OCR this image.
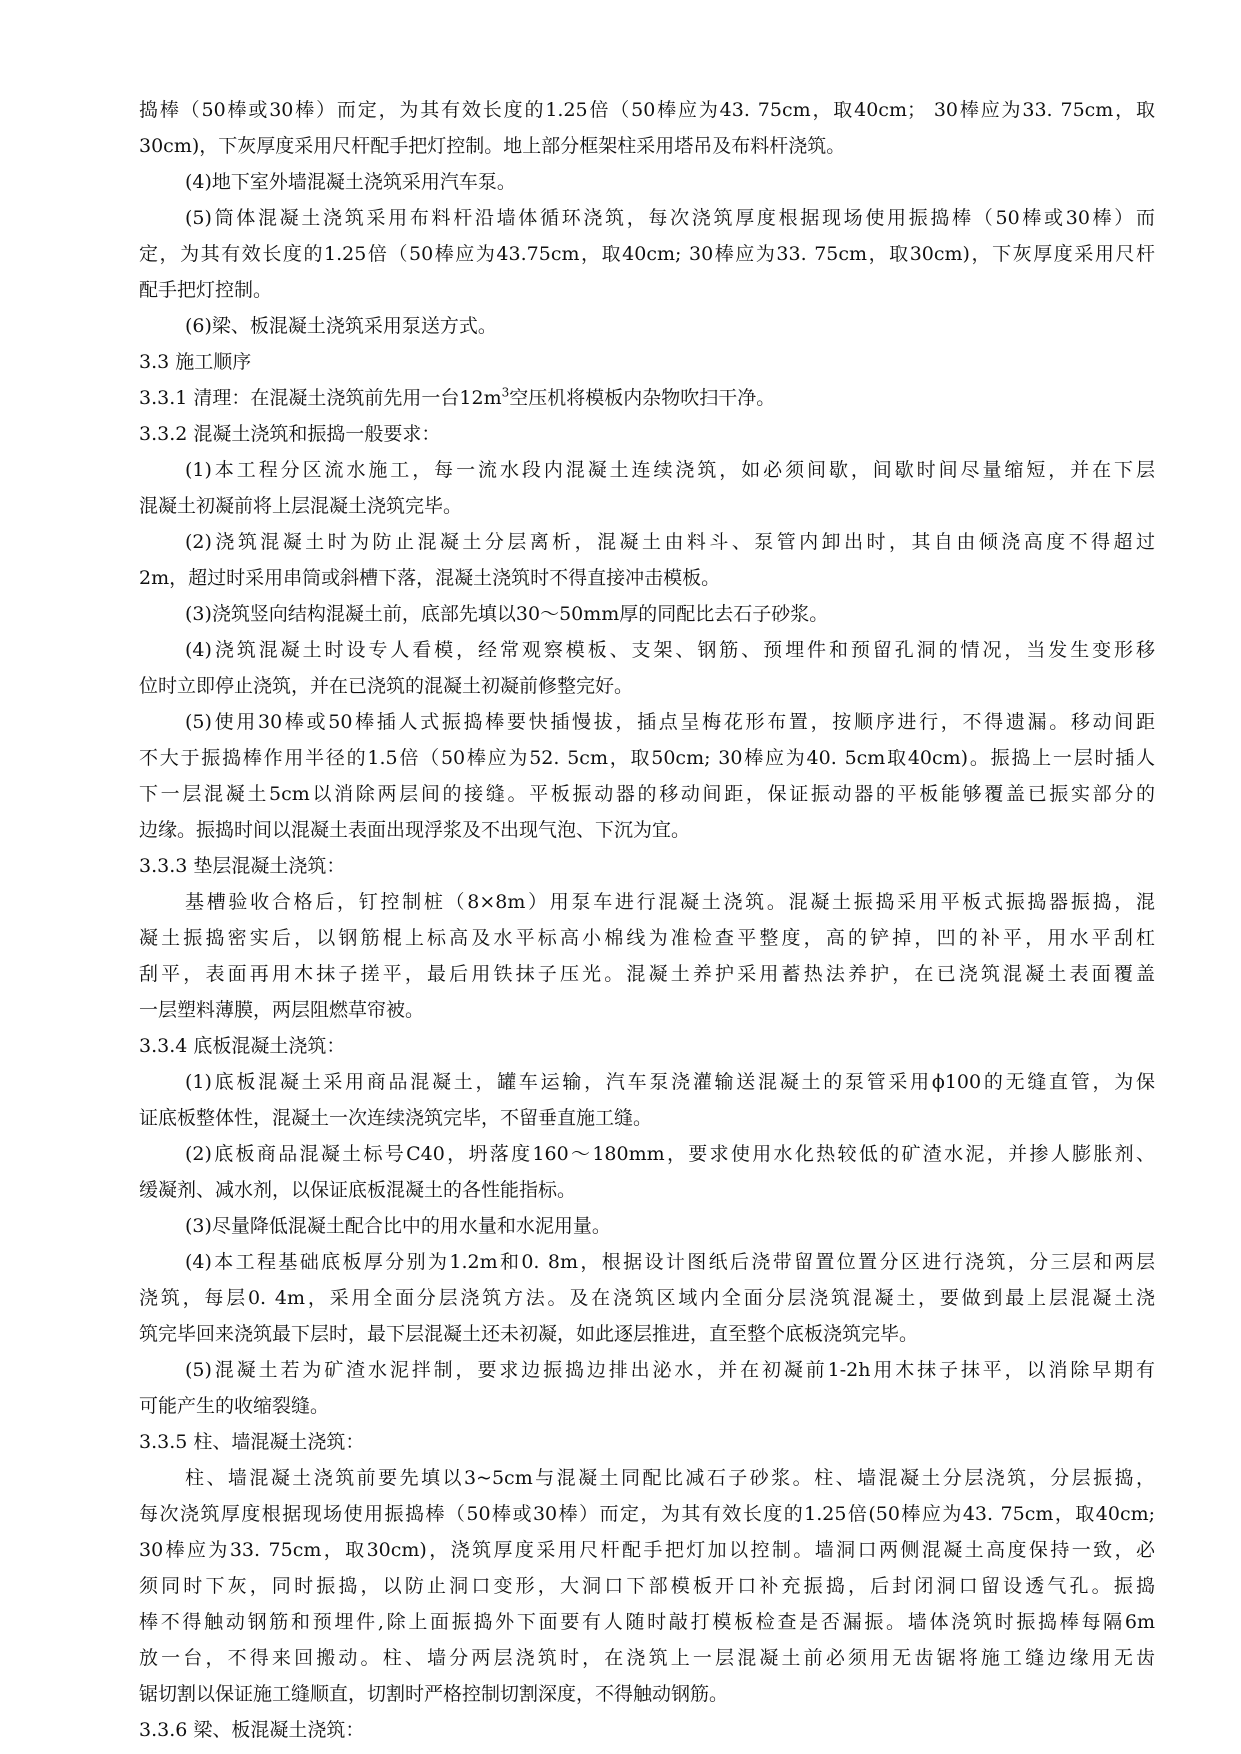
捣棒（50棒或30棒）而定，为其有效长度的1.25倍（50棒应为43. 75cm，取40cm； 30棒应为33. 75cm，取
30cm)，下灰厚度采用尺杆配手把灯控制。地上部分框架柱采用塔吊及布料杆浇筑。
(4)地下室外墙混凝土浇筑采用汽车泵。
(5)筒体混凝土浇筑采用布料杆沿墙体循环浇筑，每次浇筑厚度根据现场使用振捣棒（50棒或30棒）而
定，为其有效长度的1.25倍（50棒应为43.75cm，取40cm; 30棒应为33. 75cm，取30cm)，下灰厚度采用尺杆
配手把灯控制。
(6)梁、板混凝土浇筑采用泵送方式。
3.3 施工顺序
3.3.1 清理：在混凝土浇筑前先用一台$12m^3$空压机将模板内杂物吹扫干净。
3.3.2 混凝土浇筑和振捣一般要求：
(1)本工程分区流水施工，每一流水段内混凝土连续浇筑，如必须间歇，间歇时间尽量缩短，并在下层
混凝土初凝前将上层混凝土浇筑完毕。
(2)浇筑混凝土时为防止混凝土分层离析，混凝土由料斗、泵管内卸出时，其自由倾浇高度不得超过
2m，超过时采用串筒或斜槽下落，混凝土浇筑时不得直接冲击模板。
(3)浇筑竖向结构混凝土前，底部先填以30～50mm厚的同配比去石子砂浆。
(4)浇筑混凝土时设专人看模，经常观察模板、支架、钢筋、预埋件和预留孔洞的情况，当发生变形移
位时立即停止浇筑，并在已浇筑的混凝土初凝前修整完好。
(5)使用30棒或50棒插人式振捣棒要快插慢拔，插点呈梅花形布置，按顺序进行，不得遗漏。移动间距
不大于振捣棒作用半径的1.5倍（50棒应为52. 5cm，取50cm; 30棒应为40. 5cm取40cm)。振捣上一层时插人
下一层混凝土5cm以消除两层间的接缝。平板振动器的移动间距，保证振动器的平板能够覆盖已振实部分的
边缘。振捣时间以混凝土表面出现浮浆及不出现气泡、下沉为宜。
3.3.3 垫层混凝土浇筑：
基槽验收合格后，钉控制桩（8×8m）用泵车进行混凝土浇筑。混凝土振捣采用平板式振捣器振捣，混
凝土振捣密实后，以钢筋棍上标高及水平标高小棉线为准检查平整度，高的铲掉，凹的补平，用水平刮杠
刮平，表面再用木抹子搓平，最后用铁抹子压光。混凝土养护采用蓄热法养护，在已浇筑混凝土表面覆盖
一层塑料薄膜，两层阻燃草帘被。
3.3.4 底板混凝土浇筑：
(1)底板混凝土采用商品混凝土，罐车运输，汽车泵浇灌输送混凝土的泵管采用ϕ100的无缝直管，为保
证底板整体性，混凝土一次连续浇筑完毕，不留垂直施工缝。
(2)底板商品混凝土标号C40，坍落度160～180mm，要求使用水化热较低的矿渣水泥，并掺人膨胀剂、
缓凝剂、减水剂，以保证底板混凝土的各性能指标。
(3)尽量降低混凝土配合比中的用水量和水泥用量。
(4)本工程基础底板厚分别为1.2m和0. 8m，根据设计图纸后浇带留置位置分区进行浇筑，分三层和两层
浇筑，每层0. 4m，采用全面分层浇筑方法。及在浇筑区域内全面分层浇筑混凝土，要做到最上层混凝土浇
筑完毕回来浇筑最下层时，最下层混凝土还未初凝，如此逐层推进，直至整个底板浇筑完毕。
(5)混凝土若为矿渣水泥拌制，要求边振捣边排出泌水，并在初凝前1-2h用木抹子抹平，以消除早期有
可能产生的收缩裂缝。
3.3.5 柱、墙混凝土浇筑：
柱、墙混凝土浇筑前要先填以3~5cm与混凝土同配比减石子砂浆。柱、墙混凝土分层浇筑，分层振捣，
每次浇筑厚度根据现场使用振捣棒（50棒或30棒）而定，为其有效长度的1.25倍(50棒应为43. 75cm，取40cm;
30棒应为33. 75cm，取30cm)，浇筑厚度采用尺杆配手把灯加以控制。墙洞口两侧混凝土高度保持一致，必
须同时下灰，同时振捣，以防止洞口变形，大洞口下部模板开口补充振捣，后封闭洞口留设透气孔。振捣
棒不得触动钢筋和预埋件,除上面振捣外下面要有人随时敲打模板检查是否漏振。墙体浇筑时振捣棒每隔6m
放一台，不得来回搬动。柱、墙分两层浇筑时，在浇筑上一层混凝土前必须用无齿锯将施工缝边缘用无齿
锯切割以保证施工缝顺直，切割时严格控制切割深度，不得触动钢筋。
3.3.6 梁、板混凝土浇筑：
